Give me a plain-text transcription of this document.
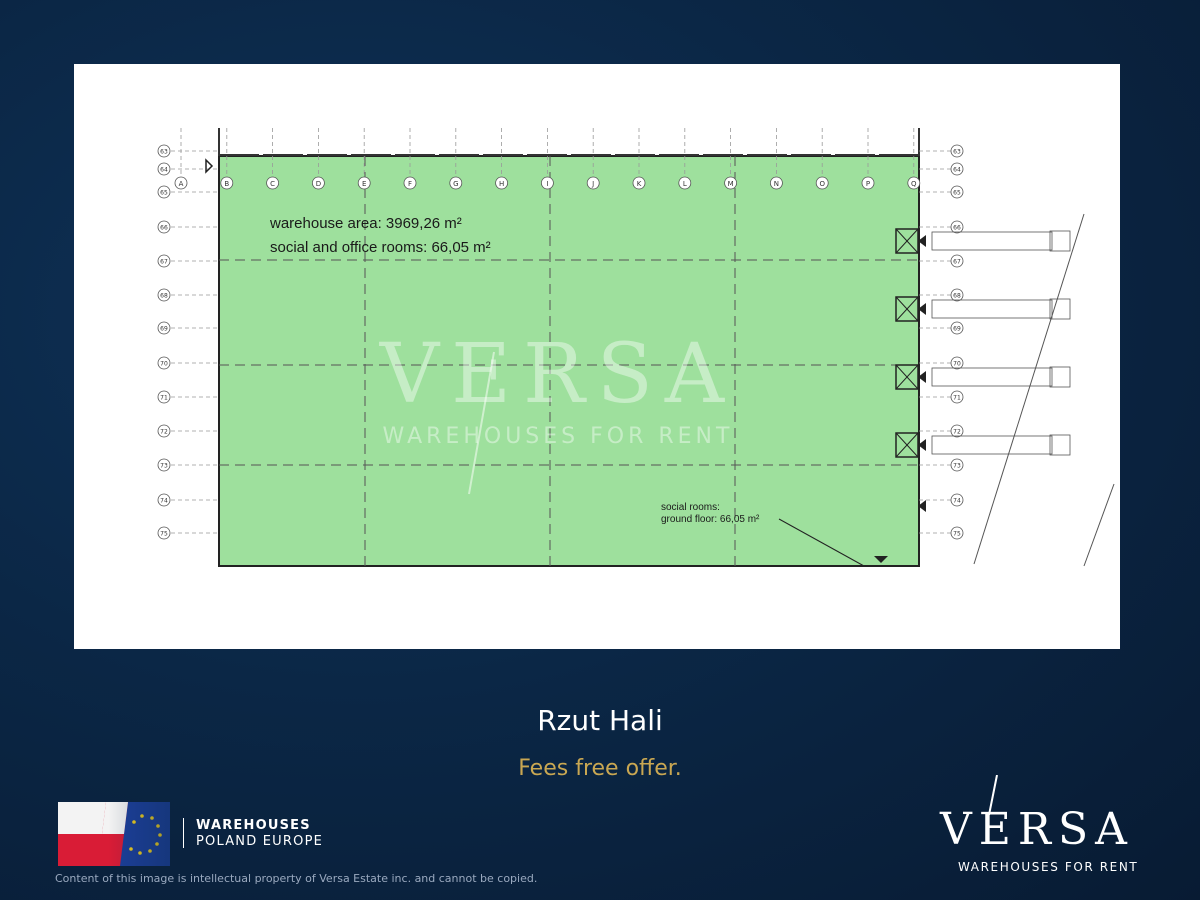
A	B	C	D	E	F	G	H	I	J	K	L	M	N	O	P	Q
63
64
65
66
67
68
69
70
71
72
73
74
75
63
64
65
66
67
68
69
70
71
72
73
74
75
warehouse area: 3969,26 m²
social and office rooms: 66,05 m²
social rooms:
ground floor: 66,05 m²
VERSA
WAREHOUSES FOR RENT
Rzut Hali
Fees free offer.
WAREHOUSES
POLAND EUROPE
Content of this image is intellectual property of Versa Estate inc. and cannot be copied.
VERSA
WAREHOUSES FOR RENT
